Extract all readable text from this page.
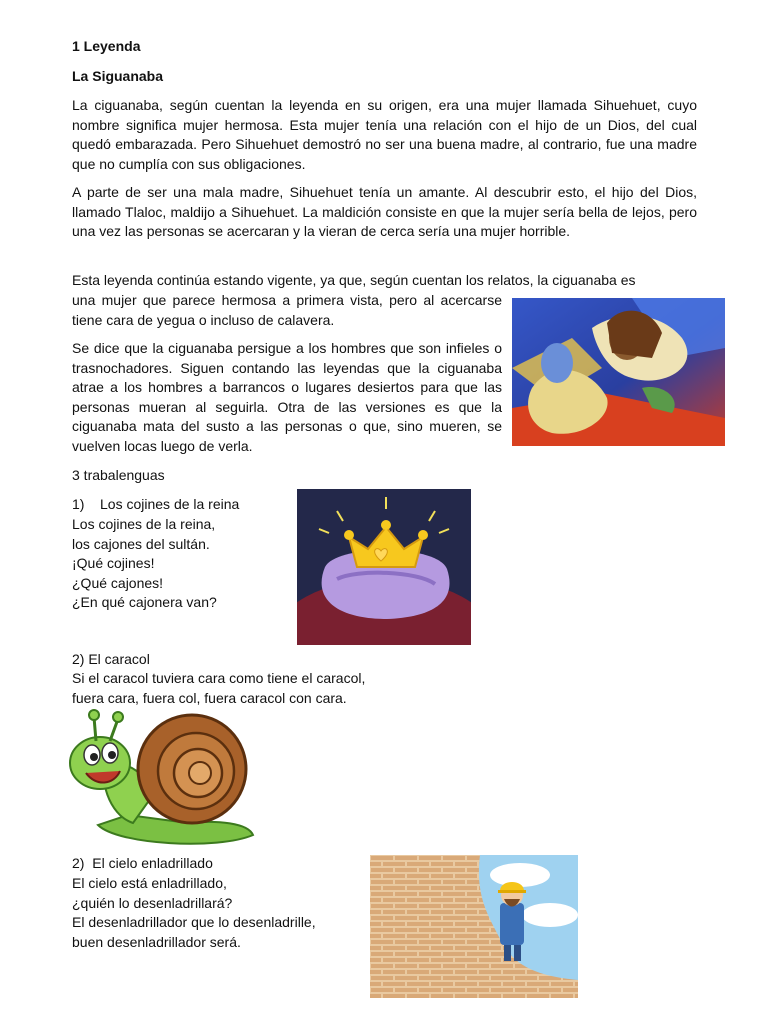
1 Leyenda

La Siguanaba

La ciguanaba, según cuentan la leyenda en su origen, era una mujer llamada Sihuehuet, cuyo nombre significa mujer hermosa. Esta mujer tenía una relación con el hijo de un Dios, del cual quedó embarazada. Pero Sihuehuet demostró no ser una buena madre, al contrario, fue una madre que no cumplía con sus obligaciones.

A parte de ser una mala madre, Sihuehuet tenía un amante. Al descubrir esto, el hijo del Dios, llamado Tlaloc, maldijo a Sihuehuet. La maldición consiste en que la mujer sería bella de lejos, pero una vez las personas se acercaran y la vieran de cerca sería una mujer horrible.

Esta leyenda continúa estando vigente, ya que, según cuentan los relatos, la ciguanaba es

una mujer que parece hermosa a primera vista, pero al acercarse tiene cara de yegua o incluso de calavera.

Se dice que la ciguanaba persigue a los hombres que son infieles o trasnochadores. Siguen contando las leyendas que la ciguanaba atrae a los hombres a barrancos o lugares desiertos para que las personas mueran al seguirla. Otra de las versiones es que la ciguanaba mata del susto a las personas o que, sino mueren, se vuelven locas luego de verla.

3 trabalenguas

1)    Los cojines de la reina

Los cojines de la reina,
los cajones del sultán.
¡Qué cojines!
¿Qué cajones!
¿En qué cajonera van?

2) El caracol

Si el caracol tuviera cara como tiene el caracol,
fuera cara, fuera col, fuera caracol con cara.

2)  El cielo enladrillado

El cielo está enladrillado,
¿quién lo desenladrillará?
El desenladrillador que lo desenladrille,
buen desenladrillador será.
